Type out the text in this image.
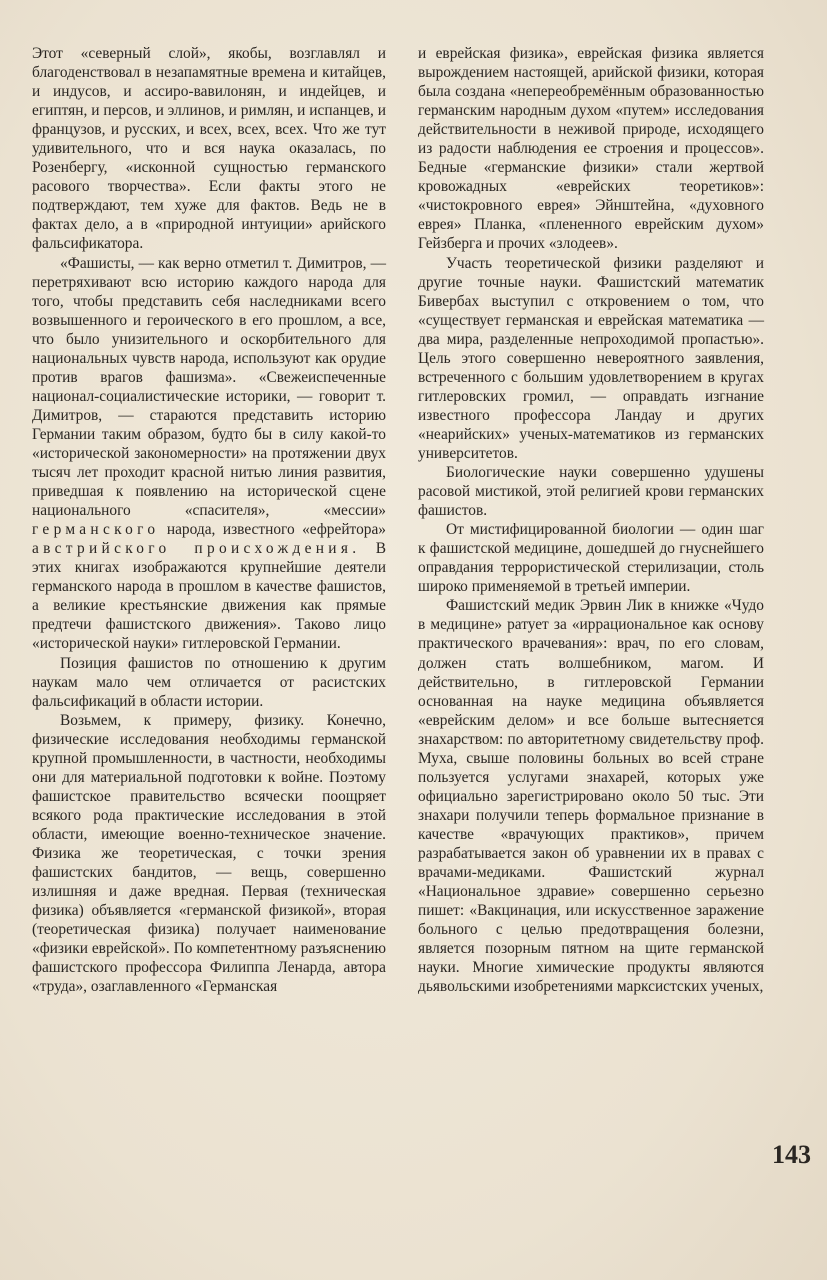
Этот «северный слой», якобы, возглавлял и благоденствовал в незапамятные времена и китайцев, и индусов, и ассиро-вавилонян, и индейцев, и египтян, и персов, и эллинов, и римлян, и испанцев, и французов, и русских, и всех, всех, всех. Что же тут удивительного, что и вся наука оказалась, по Розенбергу, «исконной сущностью германского расового творчества». Если факты этого не подтверждают, тем хуже для фактов. Ведь не в фактах дело, а в «природной интуиции» арийского фальсификатора.

«Фашисты, — как верно отметил т. Димитров, — перетряхивают всю историю каждого народа для того, чтобы представить себя наследниками всего возвышенного и героического в его прошлом, а все, что было унизительного и оскорбительного для национальных чувств народа, используют как орудие против врагов фашизма». «Свежеиспеченные национал-социалистические историки, — говорит т. Димитров, — стараются представить историю Германии таким образом, будто бы в силу какой-то «исторической закономерности» на протяжении двух тысяч лет проходит красной нитью линия развития, приведшая к появлению на исторической сцене национального «спасителя», «мессии» германского народа, известного «ефрейтора» австрийского происхождения. В этих книгах изображаются крупнейшие деятели германского народа в прошлом в качестве фашистов, а великие крестьянские движения как прямые предтечи фашистского движения». Таково лицо «исторической науки» гитлеровской Германии.

Позиция фашистов по отношению к другим наукам мало чем отличается от расистских фальсификаций в области истории.

Возьмем, к примеру, физику. Конечно, физические исследования необходимы германской крупной промышленности, в частности, необходимы они для материальной подготовки к войне. Поэтому фашистское правительство всячески поощряет всякого рода практические исследования в этой области, имеющие военно-техническое значение. Физика же теоретическая, с точки зрения фашистских бандитов, — вещь, совершенно излишняя и даже вредная. Первая (техническая физика) объявляется «германской физикой», вторая (теоретическая физика) получает наименование «физики еврейской». По компетентному разъяснению фашистского профессора Филиппа Ленарда, автора «труда», озаглавленного «Германская

и еврейская физика», еврейская физика является вырождением настоящей, арийской физики, которая была создана «непереобремённым образованностью германским народным духом «путем» исследования действительности в неживой природе, исходящего из радости наблюдения ее строения и процессов». Бедные «германские физики» стали жертвой кровожадных «еврейских теоретиков»: «чистокровного еврея» Эйнштейна, «духовного еврея» Планка, «плененного еврейским духом» Гейзберга и прочих «злодеев».

Участь теоретической физики разделяют и другие точные науки. Фашистский математик Бивербах выступил с откровением о том, что «существует германская и еврейская математика — два мира, разделенные непроходимой пропастью». Цель этого совершенно невероятного заявления, встреченного с большим удовлетворением в кругах гитлеровских громил, — оправдать изгнание известного профессора Ландау и других «неарийских» ученых-математиков из германских университетов.

Биологические науки совершенно удушены расовой мистикой, этой религией крови германских фашистов.

От мистифицированной биологии — один шаг к фашистской медицине, дошедшей до гнуснейшего оправдания террористической стерилизации, столь широко применяемой в третьей империи.

Фашистский медик Эрвин Лик в книжке «Чудо в медицине» ратует за «иррациональное как основу практического врачевания»: врач, по его словам, должен стать волшебником, магом. И действительно, в гитлеровской Германии основанная на науке медицина объявляется «еврейским делом» и все больше вытесняется знахарством: по авторитетному свидетельству проф. Муха, свыше половины больных во всей стране пользуется услугами знахарей, которых уже официально зарегистрировано около 50 тыс. Эти знахари получили теперь формальное признание в качестве «врачующих практиков», причем разрабатывается закон об уравнении их в правах с врачами-медиками. Фашистский журнал «Национальное здравие» совершенно серьезно пишет: «Вакцинация, или искусственное заражение больного с целью предотвращения болезни, является позорным пятном на щите германской науки. Многие химические продукты являются дьявольскими изобретениями марксистских ученых,

143
